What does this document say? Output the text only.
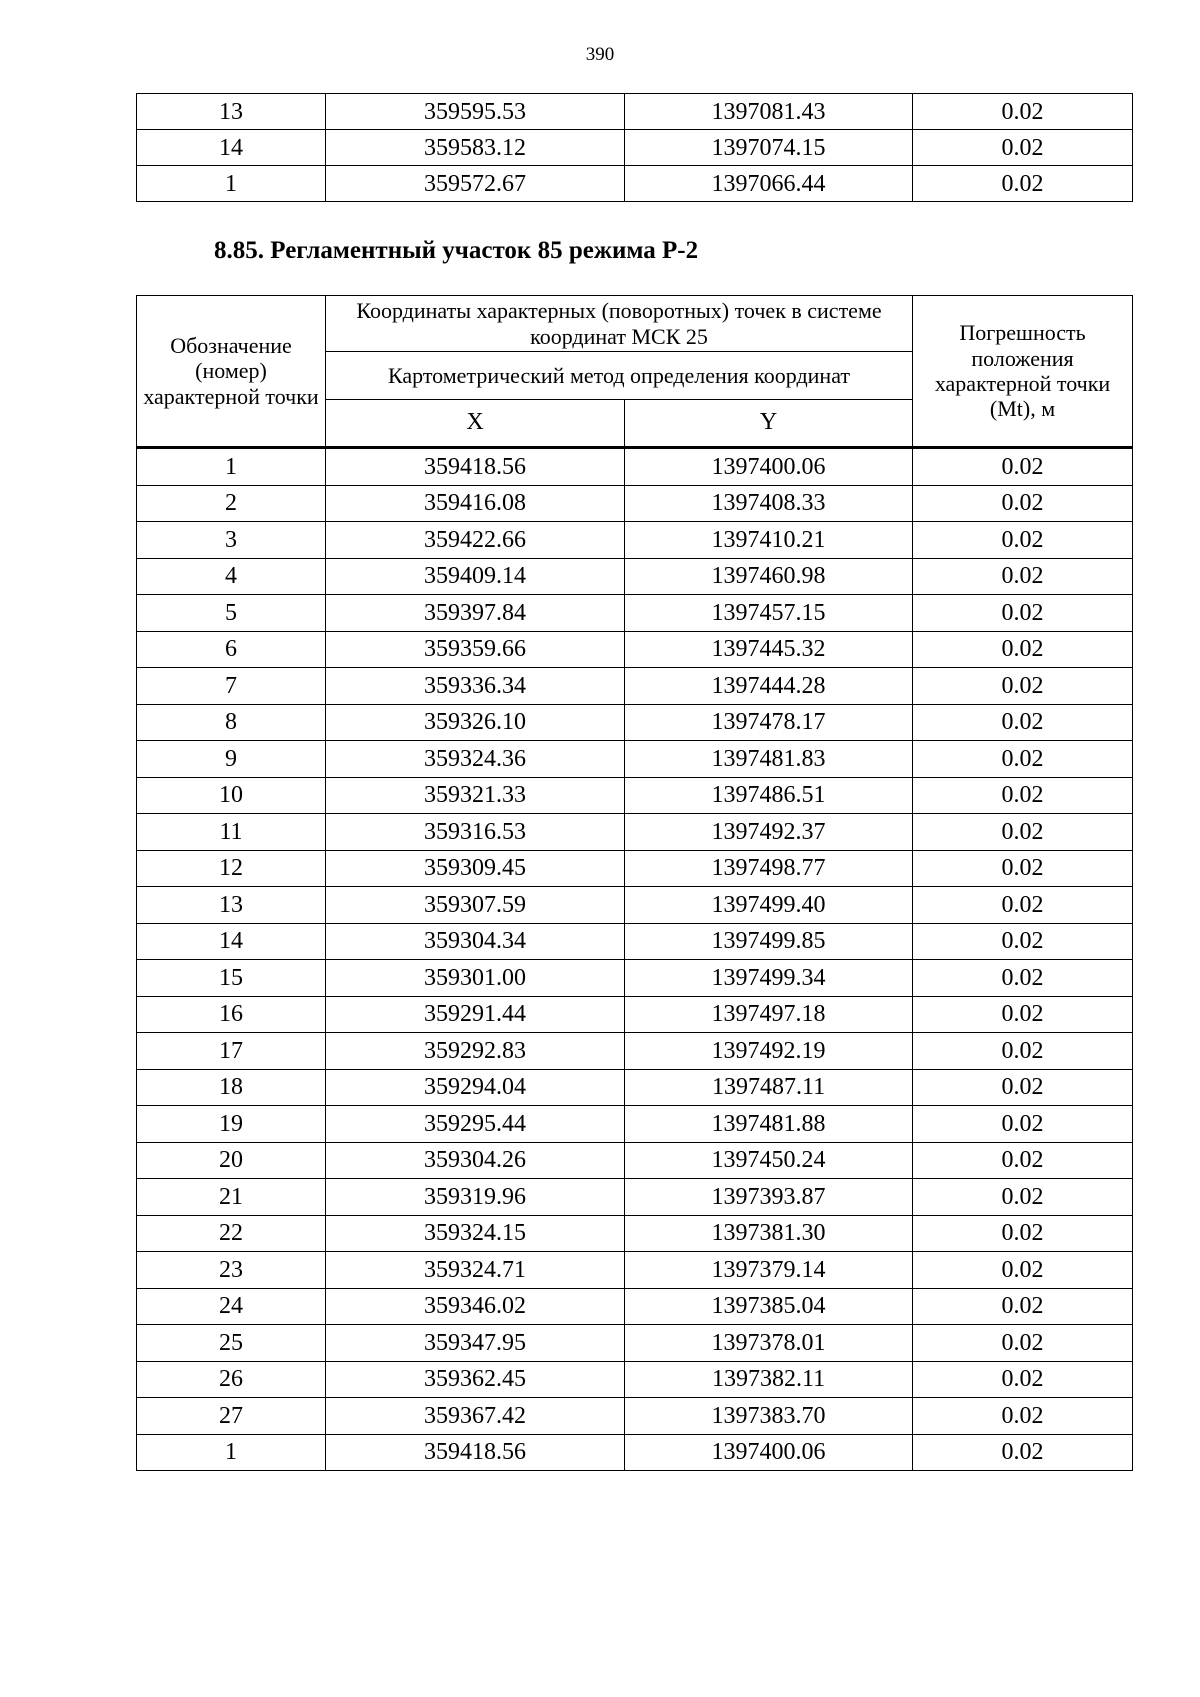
390
13	359595.53	1397081.43	0.02
14	359583.12	1397074.15	0.02
1	359572.67	1397066.44	0.02
8.85. Регламентный участок 85 режима Р-2
Обозначение (номер) характерной точки	Координаты характерных (поворотных) точек в системе координат МСК 25		Погрешность положения характерной точки (Mt), м
	Картометрический метод определения координат		
	X	Y	
1	359418.56	1397400.06	0.02
2	359416.08	1397408.33	0.02
3	359422.66	1397410.21	0.02
4	359409.14	1397460.98	0.02
5	359397.84	1397457.15	0.02
6	359359.66	1397445.32	0.02
7	359336.34	1397444.28	0.02
8	359326.10	1397478.17	0.02
9	359324.36	1397481.83	0.02
10	359321.33	1397486.51	0.02
11	359316.53	1397492.37	0.02
12	359309.45	1397498.77	0.02
13	359307.59	1397499.40	0.02
14	359304.34	1397499.85	0.02
15	359301.00	1397499.34	0.02
16	359291.44	1397497.18	0.02
17	359292.83	1397492.19	0.02
18	359294.04	1397487.11	0.02
19	359295.44	1397481.88	0.02
20	359304.26	1397450.24	0.02
21	359319.96	1397393.87	0.02
22	359324.15	1397381.30	0.02
23	359324.71	1397379.14	0.02
24	359346.02	1397385.04	0.02
25	359347.95	1397378.01	0.02
26	359362.45	1397382.11	0.02
27	359367.42	1397383.70	0.02
1	359418.56	1397400.06	0.02
